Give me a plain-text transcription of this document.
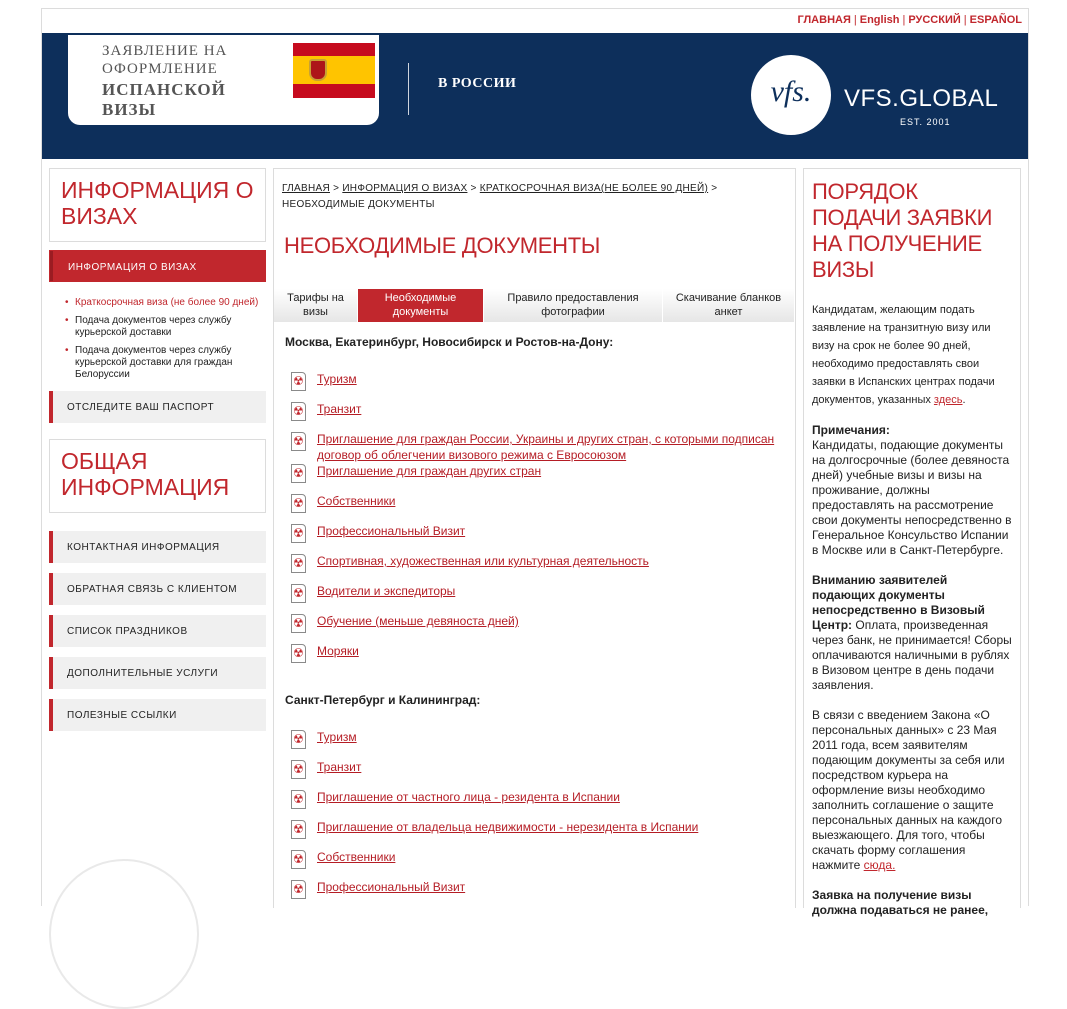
ГЛАВНАЯ | English | РУССКИЙ | ESPAÑOL
ЗАЯВЛЕНИЕ НА ОФОРМЛЕНИЕ
ИСПАНСКОЙ ВИЗЫ
В РОССИИ	vfs.	VFS.GLOBAL
EST. 2001
ИНФОРМАЦИЯ О ВИЗАХ
ИНФОРМАЦИЯ О ВИЗАХ
• Краткосрочная виза (не более 90 дней)
• Подача документов через службу курьерской доставки
• Подача документов через службу курьерской доставки для граждан Белоруссии
ОТСЛЕДИТЕ ВАШ ПАСПОРТ
ОБЩАЯ ИНФОРМАЦИЯ
КОНТАКТНАЯ ИНФОРМАЦИЯ
ОБРАТНАЯ СВЯЗЬ С КЛИЕНТОМ
СПИСОК ПРАЗДНИКОВ
ДОПОЛНИТЕЛЬНЫЕ УСЛУГИ
ПОЛЕЗНЫЕ ССЫЛКИ
ГЛАВНАЯ > ИНФОРМАЦИЯ О ВИЗАХ > КРАТКОСРОЧНАЯ ВИЗА(НЕ БОЛЕЕ 90 ДНЕЙ) >
НЕОБХОДИМЫЕ ДОКУМЕНТЫ
НЕОБХОДИМЫЕ ДОКУМЕНТЫ
Тарифы на визы
Необходимые документы
Правило предоставления фотографии
Скачивание бланков анкет
Москва, Екатеринбург, Новосибирск и Ростов-на-Дону:
☢ Туризм
☢ Транзит
☢ Приглашение для граждан России, Украины и других стран, с которыми подписан договор об облегчении визового режима с Евросоюзом
☢ Приглашение для граждан других стран
☢ Собственники
☢ Профессиональный Визит
☢ Спортивная, художественная или культурная деятельность
☢ Водители и экспедиторы
☢ Обучение (меньше девяноста дней)
☢ Моряки
Санкт-Петербург и Калининград:
☢ Туризм
☢ Транзит
☢ Приглашение от частного лица - резидента в Испании
☢ Приглашение от владельца недвижимости - нерезидента в Испании
☢ Собственники
☢ Профессиональный Визит
ПОРЯДОК ПОДАЧИ ЗАЯВКИ НА ПОЛУЧЕНИЕ ВИЗЫ
Кандидатам, желающим подать заявление на транзитную визу или визу на срок не более 90 дней, необходимо предоставлять свои заявки в Испанских центрах подачи документов, указанных здесь.
Примечания:
Кандидаты, подающие документы на долгосрочные (более девяноста дней) учебные визы и визы на проживание, должны предоставлять на рассмотрение свои документы непосредственно в Генеральное Консульство Испании в Москве или в Санкт-Петербурге.
Вниманию заявителей подающих документы непосредственно в Визовый Центр: Оплата, произведенная через банк, не принимается! Сборы оплачиваются наличными в рублях в Визовом центре в день подачи заявления.
В связи с введением Закона «О персональных данных» с 23 Мая 2011 года, всем заявителям подающим документы за себя или посредством курьера на оформление визы необходимо заполнить соглашение о защите персональных данных на каждого выезжающего. Для того, чтобы скачать форму соглашения нажмите сюда.
Заявка на получение визы должна подаваться не ранее,
